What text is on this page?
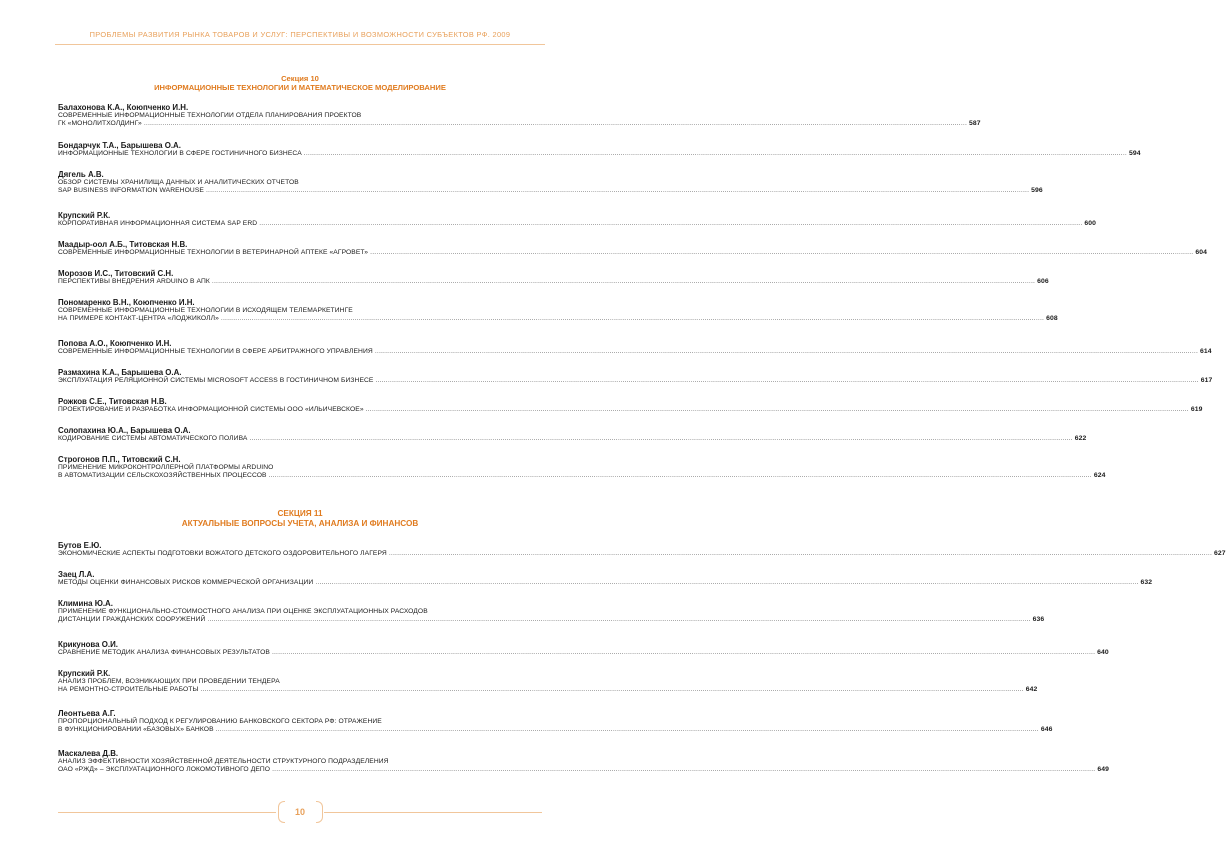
ПРОБЛЕМЫ РАЗВИТИЯ РЫНКА ТОВАРОВ И УСЛУГ: ПЕРСПЕКТИВЫ И ВОЗМОЖНОСТИ СУБЪЕКТОВ РФ. 2009
Секция 10
ИНФОРМАЦИОННЫЕ ТЕХНОЛОГИИ И МАТЕМАТИЧЕСКОЕ МОДЕЛИРОВАНИЕ
Балахонова К.А., Коюпченко И.Н.
СОВРЕМЕННЫЕ ИНФОРМАЦИОННЫЕ ТЕХНОЛОГИИ ОТДЕЛА ПЛАНИРОВАНИЯ ПРОЕКТОВ
ГК «МОНОЛИТХОЛДИНГ» ................................................................................................................................................................................................................................................................................................................................................................................................................ 587
Бондарчук Т.А., Барышева О.А.
ИНФОРМАЦИОННЫЕ ТЕХНОЛОГИИ В СФЕРЕ ГОСТИНИЧНОГО БИЗНЕСА ................................................................................................................................................................................................................................................................................................................................................................................................................ 594
Дягель А.В.
ОБЗОР СИСТЕМЫ ХРАНИЛИЩА ДАННЫХ И АНАЛИТИЧЕСКИХ ОТЧЕТОВ
SAP BUSINESS INFORMATION WAREHOUSE ................................................................................................................................................................................................................................................................................................................................................................................................................ 596
Крупский Р.К.
КОРПОРАТИВНАЯ ИНФОРМАЦИОННАЯ СИСТЕМА SAP ERD ................................................................................................................................................................................................................................................................................................................................................................................................................ 600
Маадыр-оол А.Б., Титовская Н.В.
СОВРЕМЕННЫЕ ИНФОРМАЦИОННЫЕ ТЕХНОЛОГИИ В ВЕТЕРИНАРНОЙ АПТЕКЕ «АГРОВЕТ» ................................................................................................................................................................................................................................................................................................................................................................................................................ 604
Морозов И.С., Титовский С.Н.
ПЕРСПЕКТИВЫ ВНЕДРЕНИЯ ARDUINO В АПК ................................................................................................................................................................................................................................................................................................................................................................................................................ 606
Пономаренко В.Н., Коюпченко И.Н.
СОВРЕМЕННЫЕ ИНФОРМАЦИОННЫЕ ТЕХНОЛОГИИ В ИСХОДЯЩЕМ ТЕЛЕМАРКЕТИНГЕ
НА ПРИМЕРЕ КОНТАКТ-ЦЕНТРА «ЛОДЖИКОЛЛ» ................................................................................................................................................................................................................................................................................................................................................................................................................ 608
Попова А.О., Коюпченко И.Н.
СОВРЕМЕННЫЕ ИНФОРМАЦИОННЫЕ ТЕХНОЛОГИИ В СФЕРЕ АРБИТРАЖНОГО УПРАВЛЕНИЯ ................................................................................................................................................................................................................................................................................................................................................................................................................ 614
Размахина К.А., Барышева О.А.
ЭКСПЛУАТАЦИЯ РЕЛЯЦИОННОЙ СИСТЕМЫ MICROSOFT ACCESS В ГОСТИНИЧНОМ БИЗНЕСЕ ................................................................................................................................................................................................................................................................................................................................................................................................................ 617
Рожков С.Е., Титовская Н.В.
ПРОЕКТИРОВАНИЕ И РАЗРАБОТКА ИНФОРМАЦИОННОЙ СИСТЕМЫ ООО «ИЛЬИЧЕВСКОЕ» ................................................................................................................................................................................................................................................................................................................................................................................................................ 619
Солопахина Ю.А., Барышева О.А.
КОДИРОВАНИЕ СИСТЕМЫ АВТОМАТИЧЕСКОГО ПОЛИВА ................................................................................................................................................................................................................................................................................................................................................................................................................ 622
Строгонов П.П., Титовский С.Н.
ПРИМЕНЕНИЕ МИКРОКОНТРОЛЛЕРНОЙ ПЛАТФОРМЫ ARDUINO
В АВТОМАТИЗАЦИИ СЕЛЬСКОХОЗЯЙСТВЕННЫХ ПРОЦЕССОВ ................................................................................................................................................................................................................................................................................................................................................................................................................ 624
СЕКЦИЯ 11
АКТУАЛЬНЫЕ ВОПРОСЫ УЧЕТА, АНАЛИЗА И ФИНАНСОВ
Бутов Е.Ю.
ЭКОНОМИЧЕСКИЕ АСПЕКТЫ ПОДГОТОВКИ ВОЖАТОГО ДЕТСКОГО ОЗДОРОВИТЕЛЬНОГО ЛАГЕРЯ ................................................................................................................................................................................................................................................................................................................................................................................................................ 627
Заец Л.А.
МЕТОДЫ ОЦЕНКИ ФИНАНСОВЫХ РИСКОВ КОММЕРЧЕСКОЙ ОРГАНИЗАЦИИ ................................................................................................................................................................................................................................................................................................................................................................................................................ 632
Климина Ю.А.
ПРИМЕНЕНИЕ ФУНКЦИОНАЛЬНО-СТОИМОСТНОГО АНАЛИЗА ПРИ ОЦЕНКЕ ЭКСПЛУАТАЦИОННЫХ РАСХОДОВ
ДИСТАНЦИИ ГРАЖДАНСКИХ СООРУЖЕНИЙ ................................................................................................................................................................................................................................................................................................................................................................................................................ 636
Крикунова О.И.
СРАВНЕНИЕ МЕТОДИК АНАЛИЗА ФИНАНСОВЫХ РЕЗУЛЬТАТОВ ................................................................................................................................................................................................................................................................................................................................................................................................................ 640
Крупский Р.К.
АНАЛИЗ ПРОБЛЕМ, ВОЗНИКАЮЩИХ ПРИ ПРОВЕДЕНИИ ТЕНДЕРА
НА РЕМОНТНО-СТРОИТЕЛЬНЫЕ РАБОТЫ ................................................................................................................................................................................................................................................................................................................................................................................................................ 642
Леонтьева А.Г.
ПРОПОРЦИОНАЛЬНЫЙ ПОДХОД К РЕГУЛИРОВАНИЮ БАНКОВСКОГО СЕКТОРА РФ: ОТРАЖЕНИЕ
В ФУНКЦИОНИРОВАНИИ «БАЗОВЫХ» БАНКОВ ................................................................................................................................................................................................................................................................................................................................................................................................................ 646
Маскалева Д.В.
АНАЛИЗ ЭФФЕКТИВНОСТИ ХОЗЯЙСТВЕННОЙ ДЕЯТЕЛЬНОСТИ СТРУКТУРНОГО ПОДРАЗДЕЛЕНИЯ
ОАО «РЖД» – ЭКСПЛУАТАЦИОННОГО ЛОКОМОТИВНОГО ДЕПО ................................................................................................................................................................................................................................................................................................................................................................................................................ 649
10
